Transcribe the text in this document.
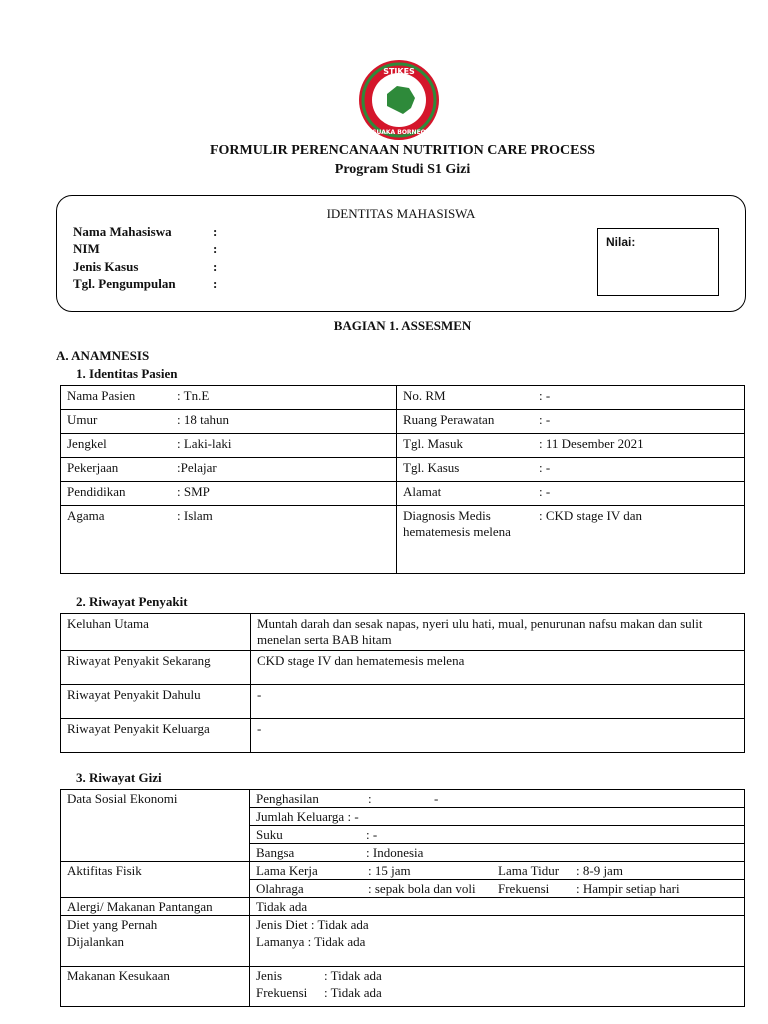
STIKES
SUAKA BORNEO
FORMULIR PERENCANAAN NUTRITION CARE PROCESS
Program Studi S1 Gizi
IDENTITAS MAHASISWA
Nama Mahasiswa	:
NIM	:
Jenis Kasus	:
Tgl. Pengumpulan	:
Nilai:
BAGIAN 1. ASSESMEN
A. ANAMNESIS
1. Identitas Pasien
Nama Pasien : Tn.E	No. RM : -
Umur : 18 tahun	Ruang Perawatan : -
Jengkel : Laki-laki	Tgl. Masuk : 11 Desember 2021
Pekerjaan :Pelajar	Tgl. Kasus : -
Pendidikan : SMP	Alamat : -
Agama : Islam	Diagnosis Medis : CKD stage IV dan
hematemesis melena
2. Riwayat Penyakit
Keluhan Utama	Muntah darah dan sesak napas, nyeri ulu hati, mual, penurunan nafsu makan dan sulit menelan serta BAB hitam
Riwayat Penyakit Sekarang	CKD stage IV dan hematemesis melena
Riwayat Penyakit Dahulu	-
Riwayat Penyakit Keluarga	-
3. Riwayat Gizi
Data Sosial Ekonomi	Penghasilan : -
	Jumlah Keluarga : -
	Suku : -
	Bangsa : Indonesia
Aktifitas Fisik	Lama Kerja : 15 jam Lama Tidur : 8-9 jam
	Olahraga : sepak bola dan voli Frekuensi : Hampir setiap hari
Alergi/ Makanan Pantangan	Tidak ada
Diet yang Pernah
Dijalankan	Jenis Diet : Tidak ada
Lamanya : Tidak ada
Makanan Kesukaan	Jenis : Tidak ada
Frekuensi : Tidak ada
